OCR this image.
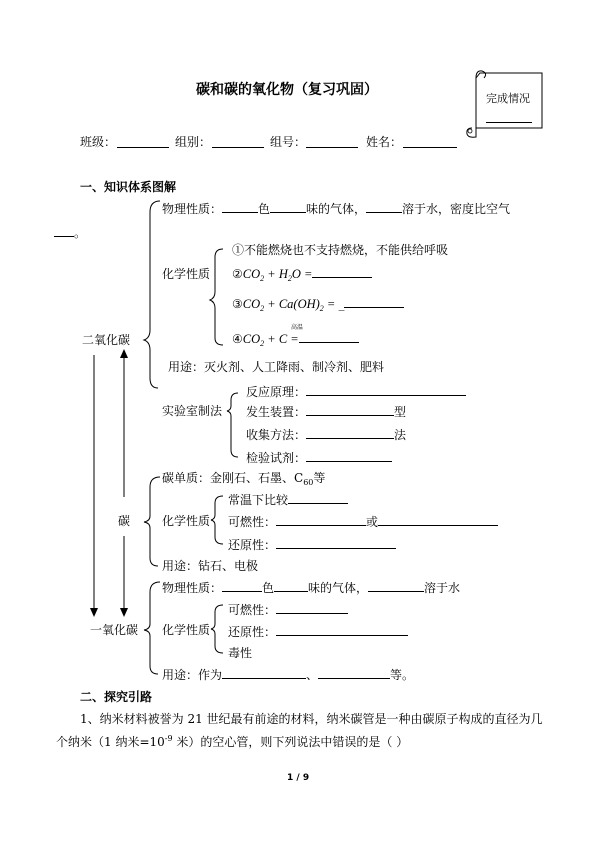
碳和碳的氧化物（复习巩固）
完成情况
班级：	组别：	组号：	姓名：
一、知识体系图解
二氧化碳
物理性质：	色	味的气体，	溶于水，密度比空气
。
化学性质
①不能燃烧也不支持燃烧，不能供给呼吸
$②CO_2 + H_2O$ =
$③CO_2 + Ca(OH)_2$ = _
高温
$④CO_2 + C$ =
用途：灭火剂、人工降雨、制冷剂、肥料
实验室制法
反应原理：
发生装置：	型
收集方法：	法
检验试剂：
碳
碳单质：金刚石、石墨、$C_{60}$等
化学性质
常温下比较
可燃性：	或
还原性：
用途：钻石、电极
一氧化碳
物理性质：	色	味的气体，	溶于水
化学性质
可燃性：
还原性：
毒性
用途：作为	、	等。
二、探究引路
1、纳米材料被誉为 21 世纪最有前途的材料，纳米碳管是一种由碳原子构成的直径为几
个纳米（1 纳米$=10^{-9}$ 米）的空心管，则下列说法中错误的是（ ）
1 / 9
